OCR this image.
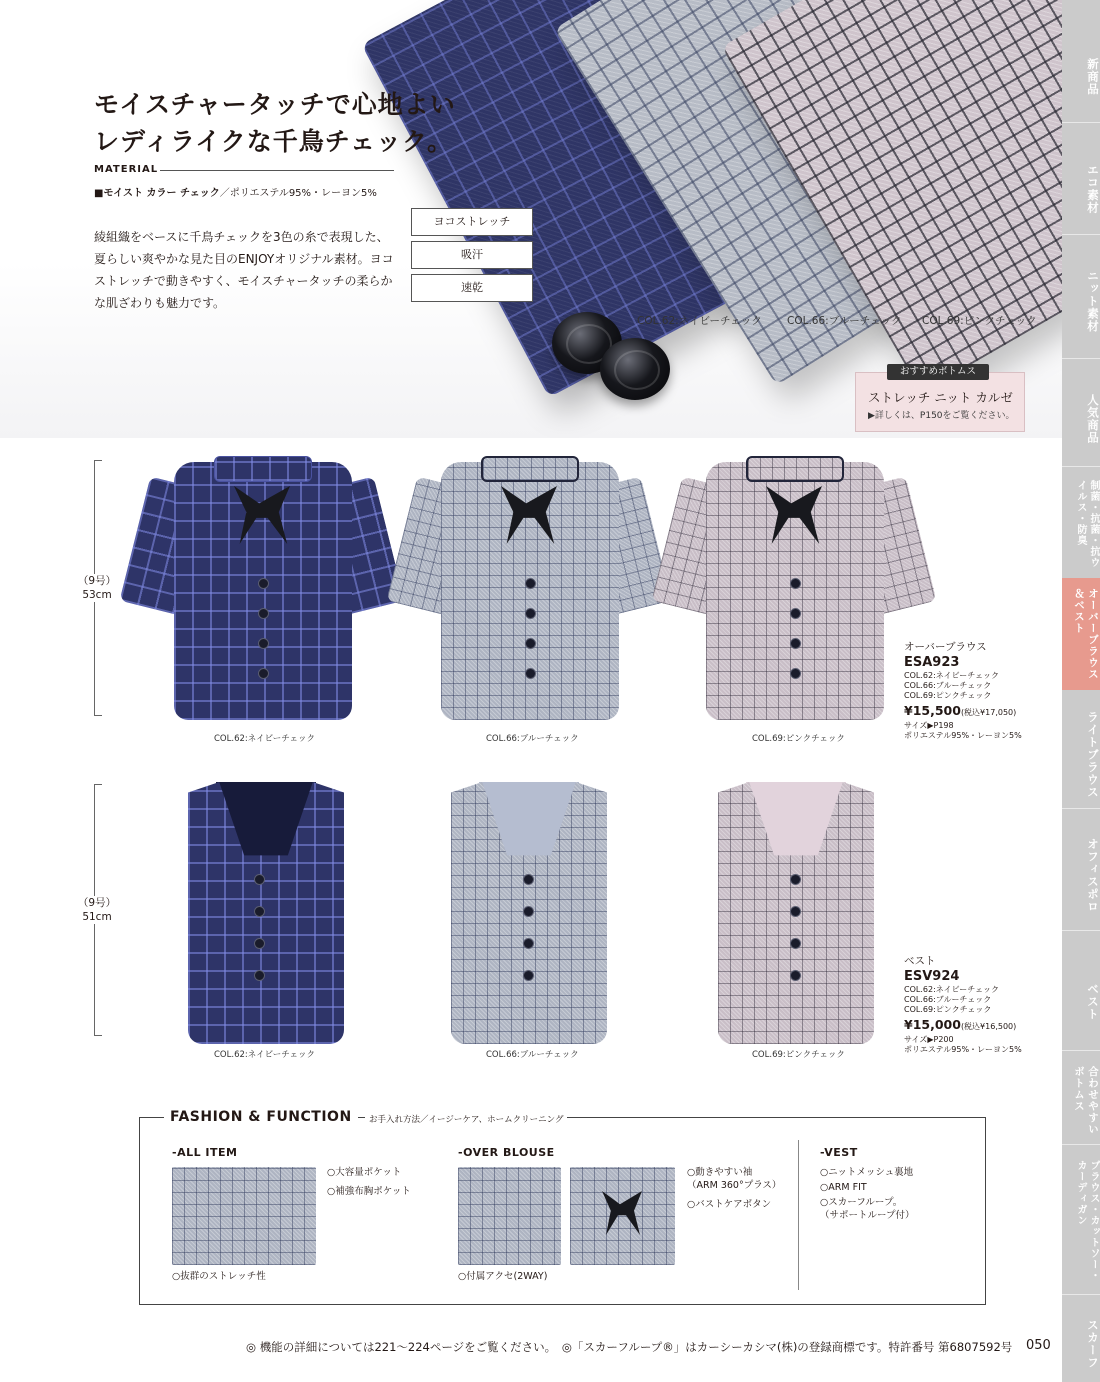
モイスチャータッチで心地よい
レディライクな千鳥チェック。
MATERIAL
■モイスト カラー チェック／ポリエステル95%・レーヨン5%
綾組織をベースに千鳥チェックを3色の糸で表現した、夏らしい爽やかな見た目のENJOYオリジナル素材。ヨコストレッチで動きやすく、モイスチャータッチの柔らかな肌ざわりも魅力です。
ヨコストレッチ
吸汗
速乾
COL.62:ネイビーチェック COL.66:ブルーチェック COL.69:ピンクチェック
おすすめボトムス
ストレッチ ニット カルゼ
▶詳しくは、P150をご覧ください。
（9号）
53cm
COL.62:ネイビーチェック	COL.66:ブルーチェック	COL.69:ピンクチェック
オーバーブラウス
ESA923
COL.62:ネイビーチェック
COL.66:ブルーチェック
COL.69:ピンクチェック
¥15,500(税込¥17,050)
サイズ▶P198
ポリエステル95%・レーヨン5%
（9号）
51cm
COL.62:ネイビーチェック	COL.66:ブルーチェック	COL.69:ピンクチェック
ベスト
ESV924
COL.62:ネイビーチェック
COL.66:ブルーチェック
COL.69:ピンクチェック
¥15,000(税込¥16,500)
サイズ▶P200
ポリエステル95%・レーヨン5%
FASHION & FUNCTION	お手入れ方法／イージーケア、ホームクリーニング
-ALL ITEM
○大容量ポケット
○補強布胸ポケット
○抜群のストレッチ性
-OVER BLOUSE
○動きやすい袖
（ARM 360°プラス）
○バストケアボタン
○付属アクセ(2WAY)
-VEST
○ニットメッシュ裏地
○ARM FIT
○スカーフループ。
（サポートループ付）
◎ 機能の詳細については221〜224ページをご覧ください。　◎「スカーフループ®」はカーシーカシマ(株)の登録商標です。特許番号 第6807592号 050
新商品
エコ素材
ニット素材
人気商品
制菌・抗菌・抗ウイルス・防臭
オーバーブラウス＆ベスト
ライトブラウス
オフィスポロ
ベスト
合わせやすいボトムス
ブラウス・カットソー・カーディガン
スカーフ
